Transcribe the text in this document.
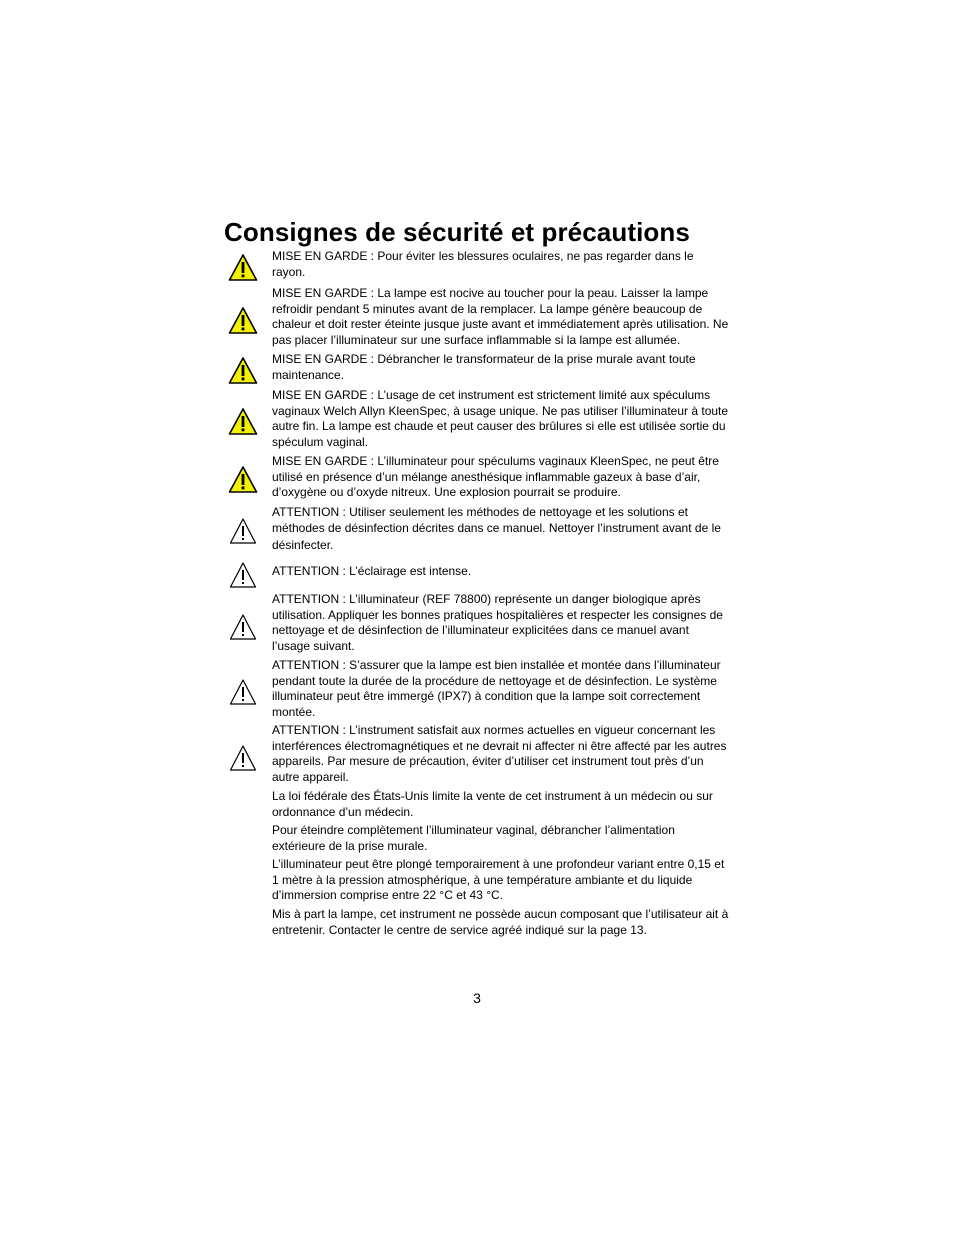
Consignes de sécurité et précautions

MISE EN GARDE : Pour éviter les blessures oculaires, ne pas regarder dans le rayon.

MISE EN GARDE : La lampe est nocive au toucher pour la peau. Laisser la lampe refroidir pendant 5 minutes avant de la remplacer. La lampe génère beaucoup de chaleur et doit rester éteinte jusque juste avant et immédiatement après utilisation. Ne pas placer l’illuminateur sur une surface inflammable si la lampe est allumée.

MISE EN GARDE : Débrancher le transformateur de la prise murale avant toute maintenance.

MISE EN GARDE : L’usage de cet instrument est strictement limité aux spéculums vaginaux Welch Allyn KleenSpec, à usage unique. Ne pas utiliser l’illuminateur à toute autre fin. La lampe est chaude et peut causer des brûlures si elle est utilisée sortie du spéculum vaginal.

MISE EN GARDE : L’illuminateur pour spéculums vaginaux KleenSpec, ne peut être utilisé en présence d’un mélange anesthésique inflammable gazeux à base d’air, d’oxygène ou d’oxyde nitreux. Une explosion pourrait se produire.

ATTENTION : Utiliser seulement les méthodes de nettoyage et les solutions et méthodes de désinfection décrites dans ce manuel. Nettoyer l’instrument avant de le désinfecter.

ATTENTION : L’éclairage est intense.

ATTENTION : L’illuminateur (REF 78800) représente un danger biologique après utilisation. Appliquer les bonnes pratiques hospitalières et respecter les consignes de nettoyage et de désinfection de l’illuminateur explicitées dans ce manuel avant l’usage suivant.

ATTENTION : S’assurer que la lampe est bien installée et montée dans l’illuminateur pendant toute la durée de la procédure de nettoyage et de désinfection. Le système illuminateur peut être immergé (IPX7) à condition que la lampe soit correctement montée.

ATTENTION : L’instrument satisfait aux normes actuelles en vigueur concernant les interférences électromagnétiques et ne devrait ni affecter ni être affecté par les autres appareils. Par mesure de précaution, éviter d’utiliser cet instrument tout près d’un autre appareil.

La loi fédérale des États-Unis limite la vente de cet instrument à un médecin ou sur ordonnance d’un médecin.

Pour éteindre complètement l’illuminateur vaginal, débrancher l’alimentation extérieure de la prise murale.

L’illuminateur peut être plongé temporairement à une profondeur variant entre 0,15 et 1 mètre à la pression atmosphérique, à une température ambiante et du liquide d’immersion comprise entre 22 °C et 43 °C.

Mis à part la lampe, cet instrument ne possède aucun composant que l’utilisateur ait à entretenir. Contacter le centre de service agréé indiqué sur la page 13.

3
